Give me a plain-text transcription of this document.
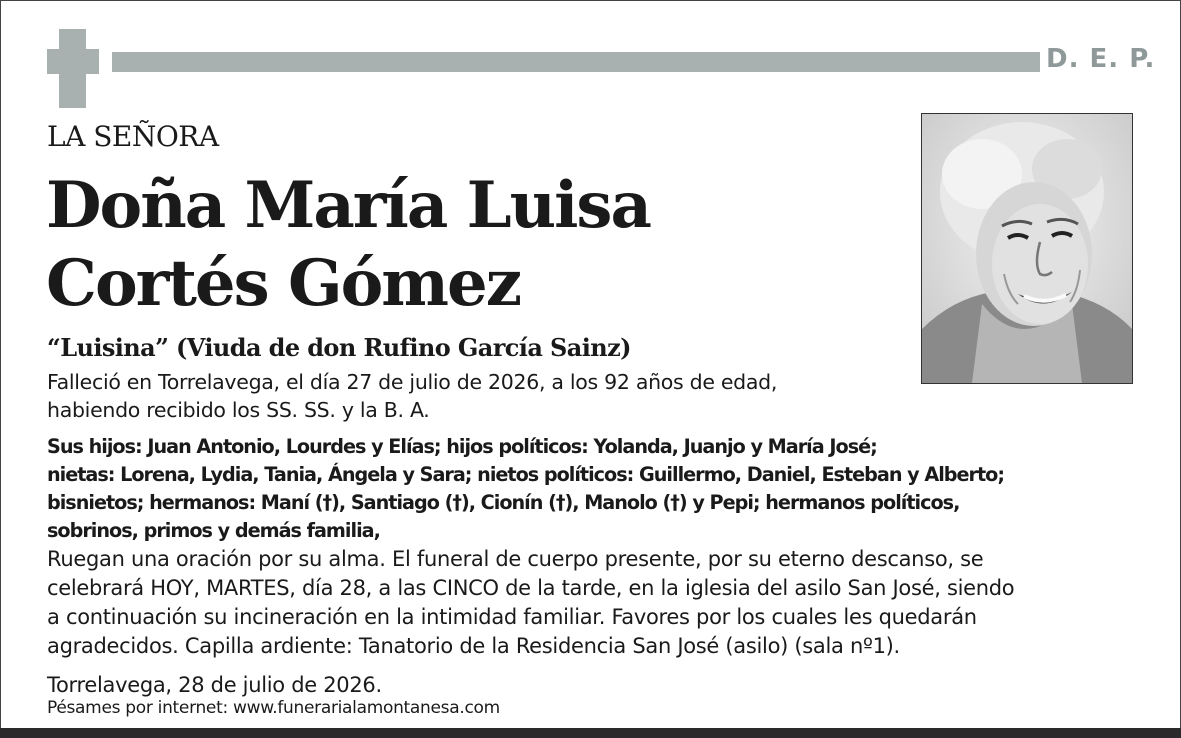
D. E. P.
LA SEÑORA
Doña María Luisa
Cortés Gómez
“Luisina” (Viuda de don Rufino García Sainz)
Falleció en Torrelavega, el día 27 de julio de 2026, a los 92 años de edad,
habiendo recibido los SS. SS. y la B. A.
Sus hijos: Juan Antonio, Lourdes y Elías; hijos políticos: Yolanda, Juanjo y María José;
nietas: Lorena, Lydia, Tania, Ángela y Sara; nietos políticos: Guillermo, Daniel, Esteban y Alberto;
bisnietos; hermanos: Maní (†), Santiago (†), Cionín (†), Manolo (†) y Pepi; hermanos políticos,
sobrinos, primos y demás familia,
Ruegan una oración por su alma. El funeral de cuerpo presente, por su eterno descanso, se
celebrará HOY, MARTES, día 28, a las CINCO de la tarde, en la iglesia del asilo San José, siendo
a continuación su incineración en la intimidad familiar. Favores por los cuales les quedarán
agradecidos. Capilla ardiente: Tanatorio de la Residencia San José (asilo) (sala nº1).
Torrelavega, 28 de julio de 2026.
Pésames por internet: www.funerarialamontanesa.com
